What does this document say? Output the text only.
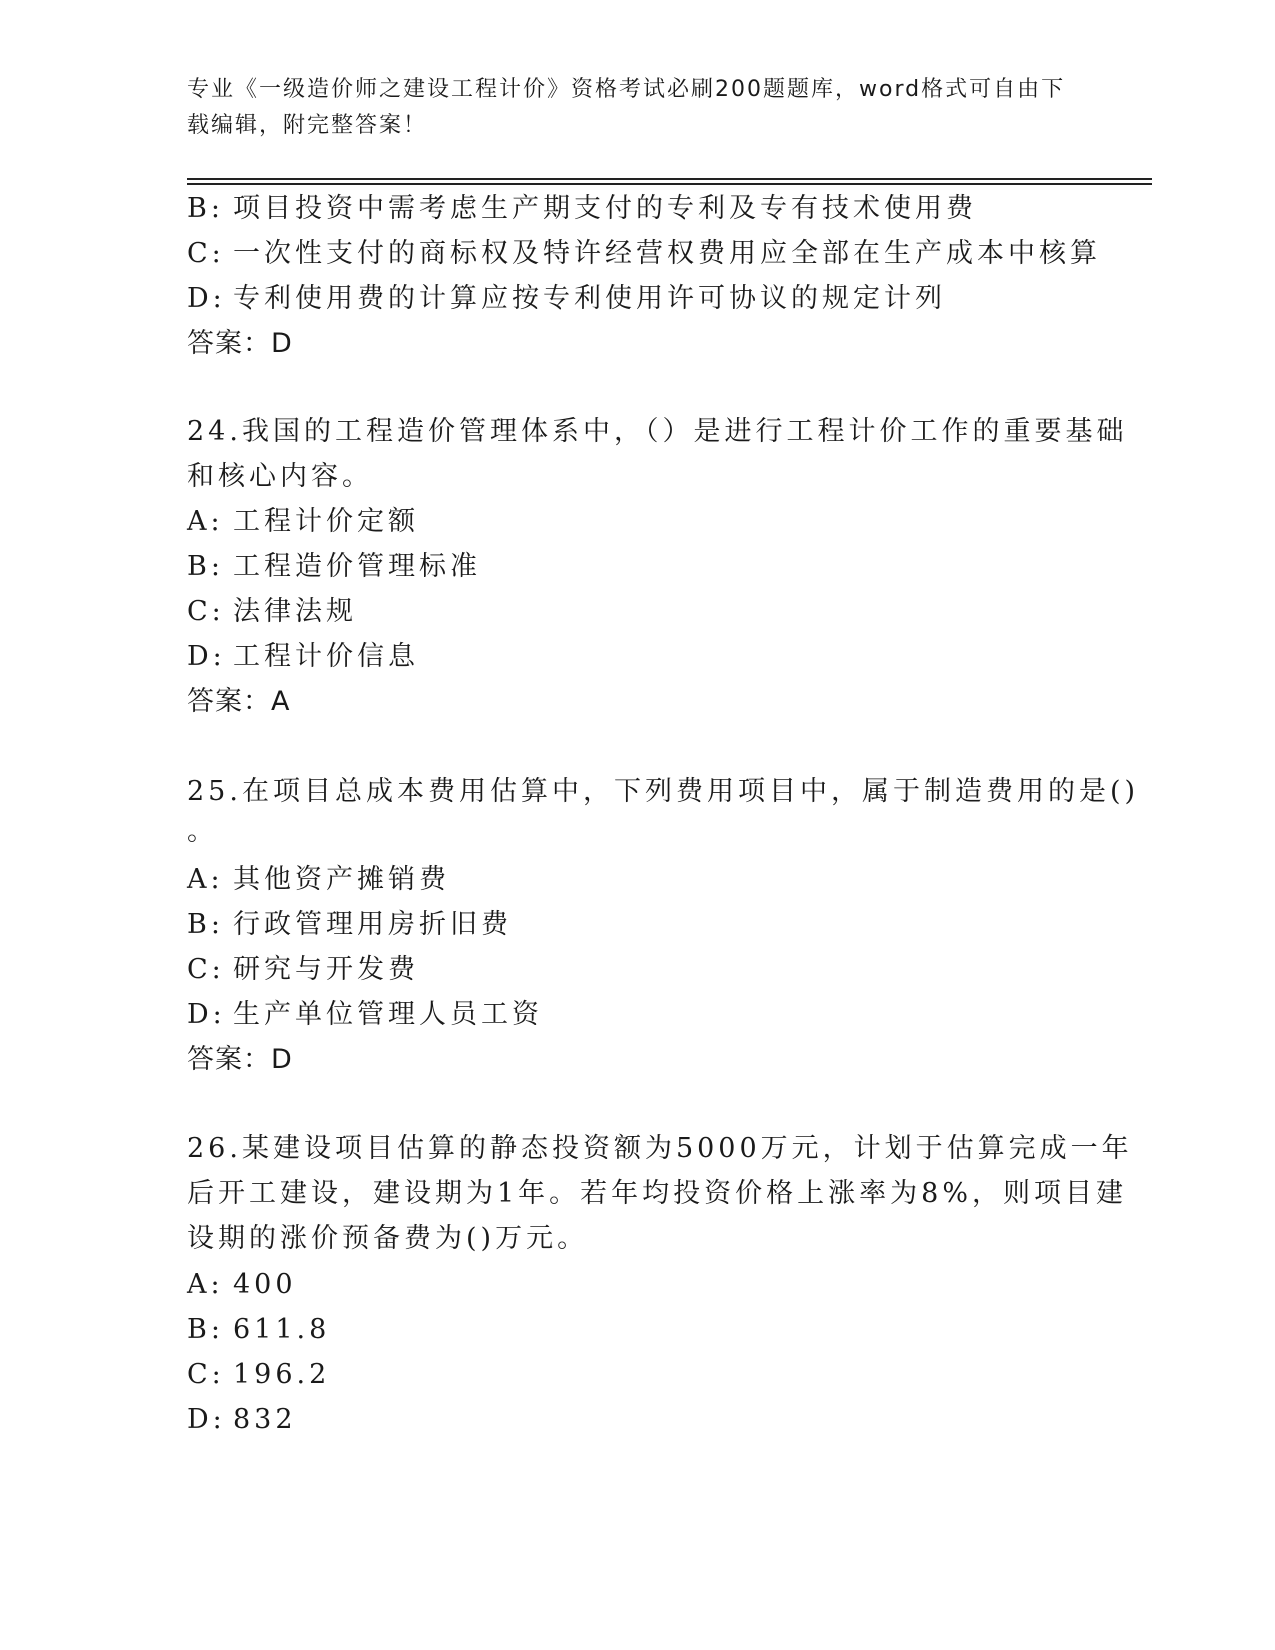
专业《一级造价师之建设工程计价》资格考试必刷200题题库，word格式可自由下载编辑，附完整答案！
B: 项目投资中需考虑生产期支付的专利及专有技术使用费
C: 一次性支付的商标权及特许经营权费用应全部在生产成本中核算
D: 专利使用费的计算应按专利使用许可协议的规定计列
答案：D
24.我国的工程造价管理体系中，（）是进行工程计价工作的重要基础
和核心内容。
A: 工程计价定额
B: 工程造价管理标准
C: 法律法规
D: 工程计价信息
答案：A
25.在项目总成本费用估算中，下列费用项目中，属于制造费用的是()
。
A: 其他资产摊销费
B: 行政管理用房折旧费
C: 研究与开发费
D: 生产单位管理人员工资
答案：D
26.某建设项目估算的静态投资额为5000万元，计划于估算完成一年
后开工建设，建设期为1年。若年均投资价格上涨率为8%，则项目建
设期的涨价预备费为()万元。
A: 400
B: 611.8
C: 196.2
D: 832
